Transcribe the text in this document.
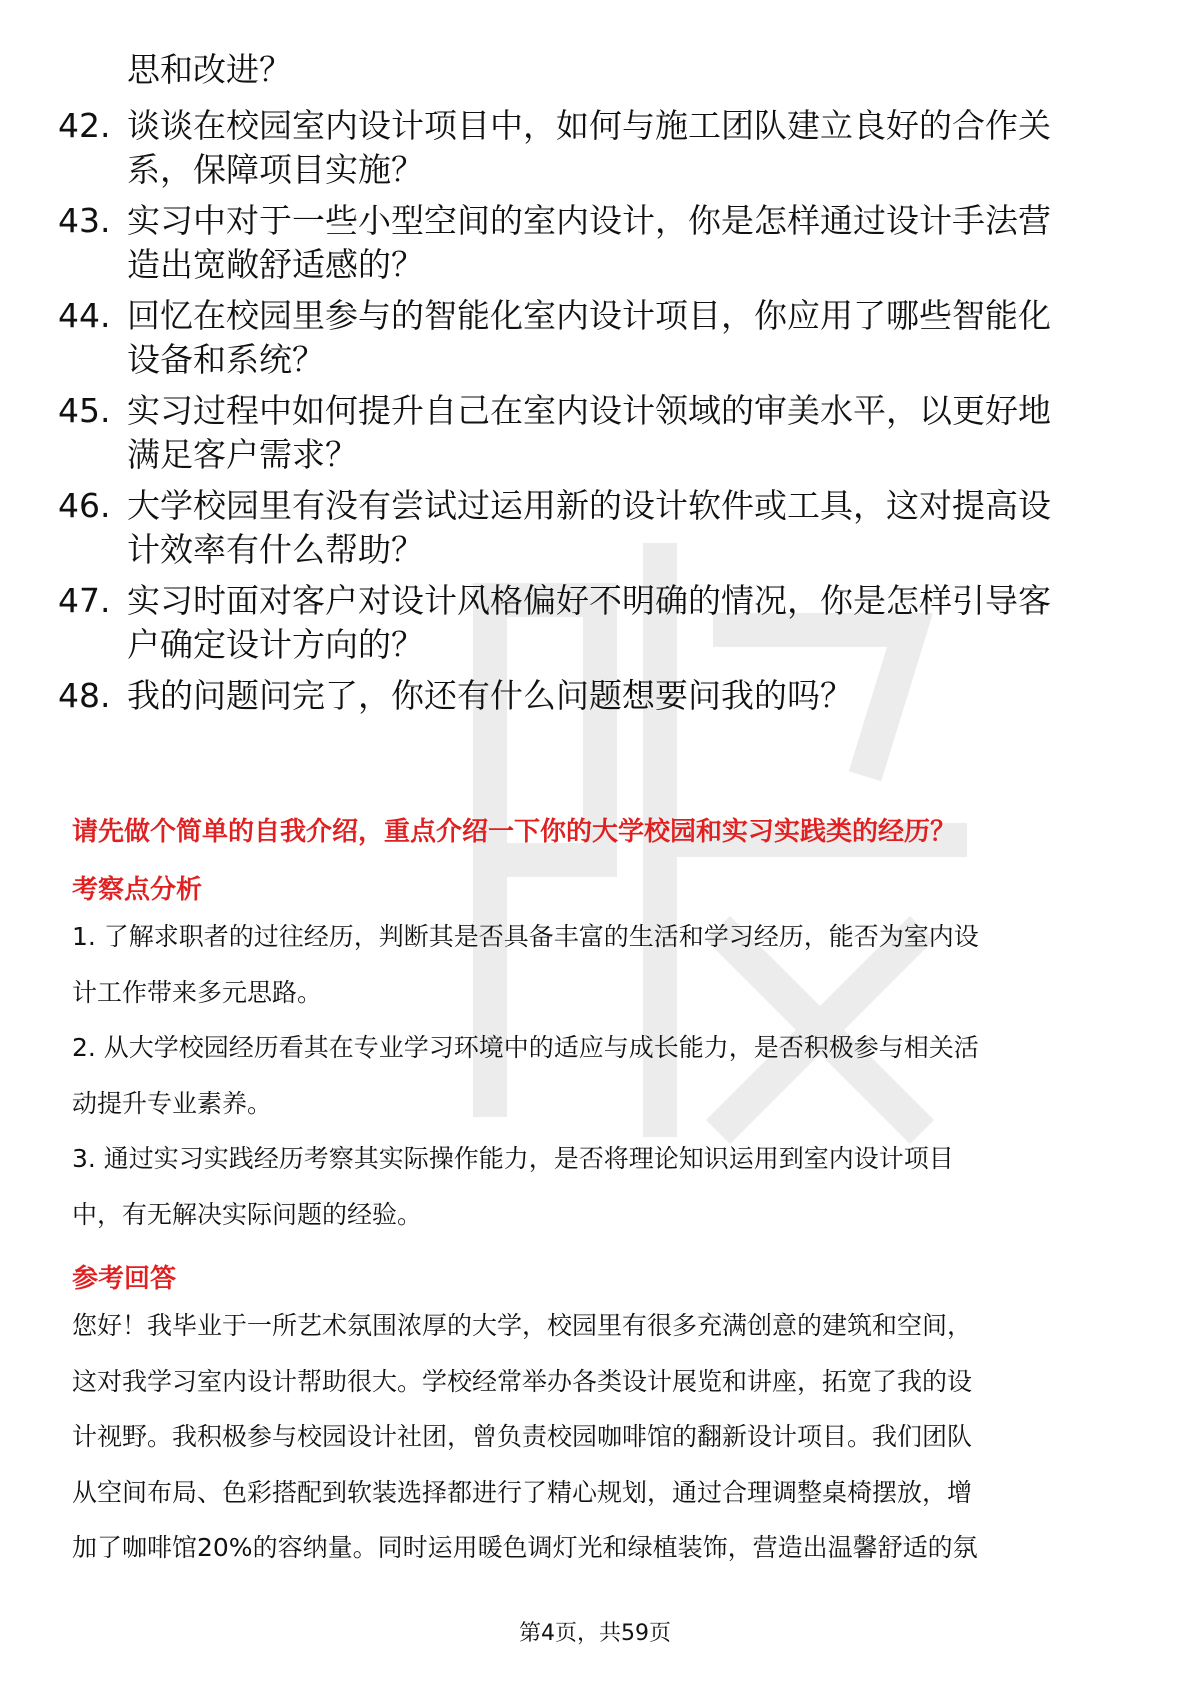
思和改进？
42. 谈谈在校园室内设计项目中，如何与施工团队建立良好的合作关
系，保障项目实施？
43. 实习中对于一些小型空间的室内设计，你是怎样通过设计手法营
造出宽敞舒适感的？
44. 回忆在校园里参与的智能化室内设计项目，你应用了哪些智能化
设备和系统？
45. 实习过程中如何提升自己在室内设计领域的审美水平，以更好地
满足客户需求？
46. 大学校园里有没有尝试过运用新的设计软件或工具，这对提高设
计效率有什么帮助？
47. 实习时面对客户对设计风格偏好不明确的情况，你是怎样引导客
户确定设计方向的？
48. 我的问题问完了，你还有什么问题想要问我的吗？
请先做个简单的自我介绍，重点介绍一下你的大学校园和实习实践类的经历？
考察点分析
1. 了解求职者的过往经历，判断其是否具备丰富的生活和学习经历，能否为室内设
计工作带来多元思路。
2. 从大学校园经历看其在专业学习环境中的适应与成长能力，是否积极参与相关活
动提升专业素养。
3. 通过实习实践经历考察其实际操作能力，是否将理论知识运用到室内设计项目
中，有无解决实际问题的经验。
参考回答
您好！我毕业于一所艺术氛围浓厚的大学，校园里有很多充满创意的建筑和空间，
这对我学习室内设计帮助很大。学校经常举办各类设计展览和讲座，拓宽了我的设
计视野。我积极参与校园设计社团，曾负责校园咖啡馆的翻新设计项目。我们团队
从空间布局、色彩搭配到软装选择都进行了精心规划，通过合理调整桌椅摆放，增
加了咖啡馆20%的容纳量。同时运用暖色调灯光和绿植装饰，营造出温馨舒适的氛
第4页，共59页
